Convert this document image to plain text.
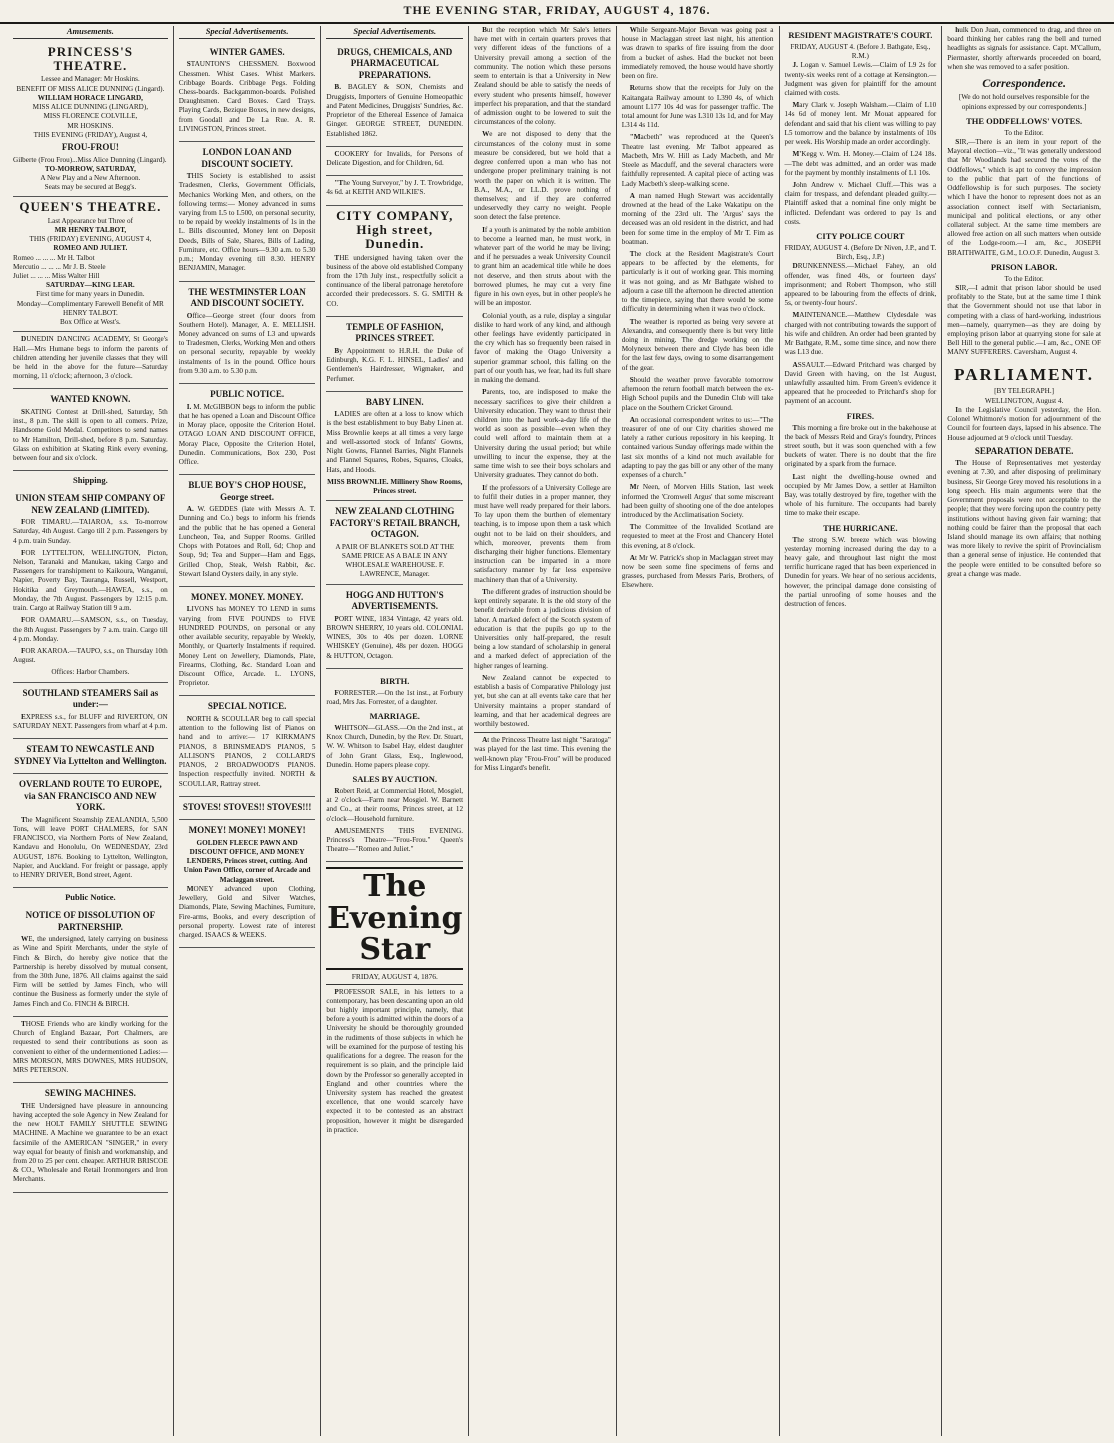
THE EVENING STAR, FRIDAY, AUGUST 4, 1876.
Amusements.
PRINCESS'S THEATRE.
Lessee and Manager: Mr Hoskins.
BENEFIT OF MISS ALICE DUNNING (Lingard).
WILLIAM HORACE LINGARD,
MISS ALICE DUNNING (LINGARD),
MISS FLORENCE COLVILLE,
MR HOSKINS.
THIS EVENING (FRIDAY), August 4,
FROU-FROU!
Gilberte (Frou Frou)...Miss Alice Dunning (Lingard).
TO-MORROW, SATURDAY,
A New Play and a New Afternoon.
Seats may be secured at Begg's.
QUEEN'S THEATRE.
Last Appearance but Three of
MR HENRY TALBOT,
THIS (FRIDAY) EVENING, AUGUST 4,
ROMEO AND JULIET.
Romeo ... ... ... Mr H. Talbot
Mercutio ... ... ... Mr J. B. Steele
Juliet ... ... ... Miss Walter Hill
SATURDAY—KING LEAR.
First time for many years in Dunedin.
Monday—Complimentary Farewell Benefit of MR HENRY TALBOT.
Box Office at West's.

DUNEDIN DANCING ACADEMY, St George's Hall.—Mrs Humane begs to inform the parents of children attending her juvenile classes that they will be held in the above for the future—Saturday morning, 11 o'clock; afternoon, 3 o'clock.

WANTED KNOWN.

SKATING Contest at Drill-shed, Saturday, 5th inst., 8 p.m. The skill is open to all comers. Prize, Handsome Gold Medal. Competitors to send names to Mr Hamilton, Drill-shed, before 8 p.m. Saturday. Glass on exhibition at Skating Rink every evening, between four and six o'clock.

Shipping.
UNION STEAM SHIP COMPANY OF NEW ZEALAND (LIMITED).

FOR TIMARU.—TAIAROA, s.s. To-morrow Saturday, 4th August. Cargo till 2 p.m. Passengers by 4 p.m. train Sunday.

FOR LYTTELTON, WELLINGTON, Picton, Nelson, Taranaki and Manukau, taking Cargo and Passengers for transhipment to Kaikoura, Wanganui, Napier, Poverty Bay, Tauranga, Russell, Westport, Hokitika and Greymouth.—HAWEA, s.s., on Monday, the 7th August. Passengers by 12:15 p.m. train. Cargo at Railway Station till 9 a.m.

FOR OAMARU.—SAMSON, s.s., on Tuesday, the 8th August. Passengers by 7 a.m. train. Cargo till 4 p.m. Monday.

FOR AKAROA.—TAUPO, s.s., on Thursday 10th August.

Offices: Harbor Chambers.
SOUTHLAND STEAMERS Sail as under:—

EXPRESS s.s., for BLUFF and RIVERTON, ON SATURDAY NEXT. Passengers from wharf at 4 p.m.

STEAM TO NEWCASTLE AND SYDNEY Via Lyttelton and Wellington.
OVERLAND ROUTE TO EUROPE, via SAN FRANCISCO AND NEW YORK.

The Magnificent Steamship ZEALANDIA, 5,500 Tons, will leave PORT CHALMERS, for SAN FRANCISCO, via Northern Ports of New Zealand, Kandavu and Honolulu, On WEDNESDAY, 23rd AUGUST, 1876. Booking to Lyttelton, Wellington, Napier, and Auckland. For freight or passage, apply to HENRY DRIVER, Bond street, Agent.

Public Notice.
NOTICE OF DISSOLUTION OF PARTNERSHIP.

WE, the undersigned, lately carrying on business as Wine and Spirit Merchants, under the style of Finch & Birch, do hereby give notice that the Partnership is hereby dissolved by mutual consent, from the 30th June, 1876. All claims against the said Firm will be settled by James Finch, who will continue the Business as formerly under the style of James Finch and Co. FINCH & BIRCH.

THOSE Friends who are kindly working for the Church of England Bazaar, Port Chalmers, are requested to send their contributions as soon as convenient to either of the undermentioned Ladies:— MRS MORSON, MRS DOWNES, MRS HUDSON, MRS PETERSON.

SEWING MACHINES.

THE Undersigned have pleasure in announcing having accepted the sole Agency in New Zealand for the new HOLT FAMILY SHUTTLE SEWING MACHINE. A Machine we guarantee to be an exact facsimile of the AMERICAN "SINGER," in every way equal for beauty of finish and workmanship, and from 20 to 25 per cent. cheaper. ARTHUR BRISCOE & CO., Wholesale and Retail Ironmongers and Iron Merchants.

Special Advertisements.
WINTER GAMES.

STAUNTON'S CHESSMEN. Boxwood Chessmen. Whist Cases. Whist Markers. Cribbage Boards. Cribbage Pegs. Folding Chess-boards. Backgammon-boards. Polished Draughtsmen. Card Boxes. Card Trays. Playing Cards, Bezique Boxes, in new designs, from Goodall and De La Rue. A. R. LIVINGSTON, Princes street.

LONDON LOAN AND DISCOUNT SOCIETY.

THIS Society is established to assist Tradesmen, Clerks, Government Officials, Mechanics Working Men, and others, on the following terms:— Money advanced in sums varying from L5 to L500, on personal security, to be repaid by weekly instalments of 1s in the L. Bills discounted, Money lent on Deposit Deeds, Bills of Sale, Shares, Bills of Lading, Furniture, etc. Office hours—9.30 a.m. to 5.30 p.m.; Monday evening till 8.30. HENRY BENJAMIN, Manager.

THE WESTMINSTER LOAN AND DISCOUNT SOCIETY.

Office—George street (four doors from Southern Hotel). Manager, A. E. MELLISH. Money advanced on sums of L3 and upwards to Tradesmen, Clerks, Working Men and others on personal security, repayable by weekly instalments of 1s in the pound. Office hours from 9.30 a.m. to 5.30 p.m.

PUBLIC NOTICE.

I. M. McGIBBON begs to inform the public that he has opened a Loan and Discount Office in Moray place, opposite the Criterion Hotel. OTAGO LOAN AND DISCOUNT OFFICE, Moray Place, Opposite the Criterion Hotel, Dunedin. Communications, Box 230, Post Office.

BLUE BOY'S CHOP HOUSE, George street.

A. W. GEDDES (late with Messrs A. T. Dunning and Co.) begs to inform his friends and the public that he has opened a General Luncheon, Tea, and Supper Rooms. Grilled Chops with Potatoes and Roll, 6d; Chop and Soup, 9d; Tea and Supper—Ham and Eggs, Grilled Chop, Steak, Welsh Rabbit, &c. Stewart Island Oysters daily, in any style.

MONEY. MONEY. MONEY.

LIVONS has MONEY TO LEND in sums varying from FIVE POUNDS to FIVE HUNDRED POUNDS, on personal or any other available security, repayable by Weekly, Monthly, or Quarterly Instalments if required. Money Lent on Jewellery, Diamonds, Plate, Firearms, Clothing, &c. Standard Loan and Discount Office, Arcade. L. LYONS, Proprietor.

SPECIAL NOTICE.

NORTH & SCOULLAR beg to call special attention to the following list of Pianos on hand and to arrive:— 17 KIRKMAN'S PIANOS, 8 BRINSMEAD'S PIANOS, 5 ALLISON'S PIANOS, 2 COLLARD'S PIANOS, 2 BROADWOOD'S PIANOS. Inspection respectfully invited. NORTH & SCOULLAR, Rattray street.

STOVES! STOVES!! STOVES!!!
MONEY! MONEY! MONEY!
GOLDEN FLEECE PAWN AND DISCOUNT OFFICE, AND MONEY LENDERS, Princes street, cutting. And Union Pawn Office, corner of Arcade and Maclaggan street.

MONEY advanced upon Clothing, Jewellery, Gold and Silver Watches, Diamonds, Plate, Sewing Machines, Furniture, Fire-arms, Books, and every description of personal property. Lowest rate of interest charged. ISAACS & WEEKS.

Special Advertisements.
DRUGS, CHEMICALS, AND PHARMACEUTICAL PREPARATIONS.

B. BAGLEY & SON, Chemists and Druggists, Importers of Genuine Homeopathic and Patent Medicines, Druggists' Sundries, &c. Proprietor of the Ethereal Essence of Jamaica Ginger. GEORGE STREET, DUNEDIN. Established 1862.

COOKERY for Invalids, for Persons of Delicate Digestion, and for Children, 6d.

"The Young Surveyor," by J. T. Trowbridge, 4s 6d. at KEITH AND WILKIE'S.

CITY COMPANY, High street, Dunedin.

THE undersigned having taken over the business of the above old established Company from the 17th July inst., respectfully solicit a continuance of the liberal patronage heretofore accorded their predecessors. S. G. SMITH & CO.

TEMPLE OF FASHION, PRINCES STREET.

By Appointment to H.R.H. the Duke of Edinburgh, K.G. F. L. HINSEL, Ladies' and Gentlemen's Hairdresser, Wigmaker, and Perfumer.

BABY LINEN.

LADIES are often at a loss to know which is the best establishment to buy Baby Linen at. Miss Brownlie keeps at all times a very large and well-assorted stock of Infants' Gowns, Night Gowns, Flannel Barries, Night Flannels and Flannel Squares, Robes, Squares, Cloaks, Hats, and Hoods.

MISS BROWNLIE. Millinery Show Rooms, Princes street.
NEW ZEALAND CLOTHING FACTORY'S RETAIL BRANCH, OCTAGON.
A PAIR OF BLANKETS SOLD AT THE SAME PRICE AS A BALE IN ANY WHOLESALE WAREHOUSE. F. LAWRENCE, Manager.
HOGG AND HUTTON'S ADVERTISEMENTS.

PORT WINE, 1834 Vintage, 42 years old. BROWN SHERRY, 10 years old. COLONIAL WINES, 30s to 40s per dozen. LORNE WHISKEY (Genuine), 48s per dozen. HOGG & HUTTON, Octagon.

BIRTH.

FORRESTER.—On the 1st inst., at Forbury road, Mrs Jas. Forrester, of a daughter.

MARRIAGE.

WHITSON—GLASS.—On the 2nd inst., at Knox Church, Dunedin, by the Rev. Dr. Stuart, W. W. Whitson to Isabel Hay, eldest daughter of John Grant Glass, Esq., Inglewood, Dunedin. Home papers please copy.

SALES BY AUCTION.

Robert Reid, at Commercial Hotel, Mosgiel, at 2 o'clock—Farm near Mosgiel. W. Barnett and Co., at their rooms, Princes street, at 12 o'clock—Household furniture.

AMUSEMENTS THIS EVENING. Princess's Theatre—"Frou-Frou." Queen's Theatre—"Romeo and Juliet."

The Evening Star
FRIDAY, AUGUST 4, 1876.

PROFESSOR SALE, in his letters to a contemporary, has been descanting upon an old but highly important principle, namely, that before a youth is admitted within the doors of a University he should be thoroughly grounded in the rudiments of those subjects in which he will be examined for the purpose of testing his qualifications for a degree. The reason for the requirement is so plain, and the principle laid down by the Professor so generally accepted in England and other countries where the University system has reached the greatest excellence, that one would scarcely have expected it to be contested as an abstract proposition, however it might be disregarded in practice.

But the reception which Mr Sale's letters have met with in certain quarters proves that very different ideas of the functions of a University prevail among a section of the community. The notion which these persons seem to entertain is that a University in New Zealand should be able to satisfy the needs of every student who presents himself, however imperfect his preparation, and that the standard of admission ought to be lowered to suit the circumstances of the colony.

We are not disposed to deny that the circumstances of the colony must in some measure be considered, but we hold that a degree conferred upon a man who has not undergone proper preliminary training is not worth the paper on which it is written. The B.A., M.A., or LL.D. prove nothing of themselves; and if they are conferred undeservedly they carry no weight. People soon detect the false pretence.

If a youth is animated by the noble ambition to become a learned man, he must work, in whatever part of the world he may be living; and if he persuades a weak University Council to grant him an academical title while he does not deserve, and then struts about with the borrowed plumes, he may cut a very fine figure in his own eyes, but in other people's he will be an impostor.

Colonial youth, as a rule, display a singular dislike to hard work of any kind, and although other feelings have evidently participated in the cry which has so frequently been raised in favor of making the Otago University a superior grammar school, this falling on the part of our youth has, we fear, had its full share in making the demand.

Parents, too, are indisposed to make the necessary sacrifices to give their children a University education. They want to thrust their children into the hard work-a-day life of the world as soon as possible—even when they could well afford to maintain them at a University during the usual period; but while unwilling to incur the expense, they at the same time wish to see their boys scholars and University graduates. They cannot do both.

If the professors of a University College are to fulfil their duties in a proper manner, they must have well ready prepared for their labors. To lay upon them the burthen of elementary teaching, is to impose upon them a task which ought not to be laid on their shoulders, and which, moreover, prevents them from discharging their higher functions. Elementary instruction can be imparted in a more satisfactory manner by far less expensive machinery than that of a University.

The different grades of instruction should be kept entirely separate. It is the old story of the benefit derivable from a judicious division of labor. A marked defect of the Scotch system of education is that the pupils go up to the Universities only half-prepared, the result being a low standard of scholarship in general and a marked defect of appreciation of the higher ranges of learning.

New Zealand cannot be expected to establish a basis of Comparative Philology just yet, but she can at all events take care that her University maintains a proper standard of learning, and that her academical degrees are worthily bestowed.

At the Princess Theatre last night "Saratoga" was played for the last time. This evening the well-known play "Frou-Frou" will be produced for Miss Lingard's benefit.

While Sergeant-Major Bevan was going past a house in Maclaggan street last night, his attention was drawn to sparks of fire issuing from the door from a bucket of ashes. Had the bucket not been immediately removed, the house would have shortly been on fire.

Returns show that the receipts for July on the Kaitangata Railway amount to L390 4s, of which amount L177 10s 4d was for passenger traffic. The total amount for June was L310 13s 1d, and for May L314 4s 11d.

"Macbeth" was reproduced at the Queen's Theatre last evening. Mr Talbot appeared as Macbeth, Mrs W. Hill as Lady Macbeth, and Mr Steele as Macduff, and the several characters were faithfully represented. A capital piece of acting was Lady Macbeth's sleep-walking scene.

A man named Hugh Stewart was accidentally drowned at the head of the Lake Wakatipu on the morning of the 23rd ult. The 'Argus' says the deceased was an old resident in the district, and had been for some time in the employ of Mr T. Fim as boatman.

The clock at the Resident Magistrate's Court appears to be affected by the elements, for particularly is it out of working gear. This morning it was not going, and as Mr Bathgate wished to adjourn a case till the afternoon he directed attention to the timepiece, saying that there would be some difficulty in determining when it was two o'clock.

The weather is reported as being very severe at Alexandra, and consequently there is but very little doing in mining. The dredge working on the Molyneux between there and Clyde has been idle for the last few days, owing to some disarrangement of the gear.

Should the weather prove favorable tomorrow afternoon the return football match between the ex-High School pupils and the Dunedin Club will take place on the Southern Cricket Ground.

An occasional correspondent writes to us:—"The treasurer of one of our City charities showed me lately a rather curious repository in his keeping. It contained various Sunday offerings made within the last six months of a kind not much available for adapting to pay the gas bill or any other of the many expenses of a church."

Mr Neen, of Morven Hills Station, last week informed the 'Cromwell Argus' that some miscreant had been guilty of shooting one of the doe antelopes introduced by the Acclimatisation Society.

The Committee of the Invalided Scotland are requested to meet at the Frost and Chancery Hotel this evening, at 8 o'clock.

At Mr W. Patrick's shop in Maclaggan street may now be seen some fine specimens of ferns and grasses, purchased from Messrs Paris, Brothers, of Elsewhere.

RESIDENT MAGISTRATE'S COURT.
FRIDAY, AUGUST 4. (Before J. Bathgate, Esq., R.M.)

J. Logan v. Samuel Lewis.—Claim of L9 2s for twenty-six weeks rent of a cottage at Kensington.—Judgment was given for plaintiff for the amount claimed with costs.

Mary Clark v. Joseph Walsham.—Claim of L10 14s 6d of money lent. Mr Mouat appeared for defendant and said that his client was willing to pay L5 tomorrow and the balance by instalments of 10s per week. His Worship made an order accordingly.

M'Kegg v. Wm. H. Money.—Claim of L24 18s.—The debt was admitted, and an order was made for the payment by monthly instalments of L1 10s.

John Andrew v. Michael Cluff.—This was a claim for trespass, and defendant pleaded guilty.—Plaintiff asked that a nominal fine only might be inflicted. Defendant was ordered to pay 1s and costs.

CITY POLICE COURT
FRIDAY, AUGUST 4. (Before Dr Niven, J.P., and T. Birch, Esq., J.P.)

DRUNKENNESS.—Michael Fahey, an old offender, was fined 40s, or fourteen days' imprisonment; and Robert Thompson, who still appeared to be labouring from the effects of drink, 5s, or twenty-four hours'.

MAINTENANCE.—Matthew Clydesdale was charged with not contributing towards the support of his wife and children. An order had been granted by Mr Bathgate, R.M., some time since, and now there was L13 due.

ASSAULT.—Edward Pritchard was charged by David Green with having, on the 1st August, unlawfully assaulted him. From Green's evidence it appeared that he proceeded to Pritchard's shop for payment of an account.

FIRES.

This morning a fire broke out in the bakehouse at the back of Messrs Reid and Gray's foundry, Princes street south, but it was soon quenched with a few buckets of water. There is no doubt that the fire originated by a spark from the furnace.

Last night the dwelling-house owned and occupied by Mr James Dow, a settler at Hamilton Bay, was totally destroyed by fire, together with the whole of his furniture. The occupants had barely time to make their escape.

THE HURRICANE.

The strong S.W. breeze which was blowing yesterday morning increased during the day to a heavy gale, and throughout last night the most terrific hurricane raged that has been experienced in Dunedin for years. We hear of no serious accidents, however, the principal damage done consisting of the partial unroofing of some houses and the destruction of fences.

hulk Don Juan, commenced to drag, and three on board thinking her cables rang the bell and turned headlights as signals for assistance. Capt. M'Callum, Piermaster, shortly afterwards proceeded on board, when she was removed to a safer position.

Correspondence.
[We do not hold ourselves responsible for the opinions expressed by our correspondents.]
THE ODDFELLOWS' VOTES.
To the Editor.

SIR,—There is an item in your report of the Mayoral election—viz., "It was generally understood that Mr Woodlands had secured the votes of the Oddfellows," which is apt to convey the impression to the public that part of the functions of Oddfellowship is for such purposes. The society which I have the honor to represent does not as an association connect itself with Sectarianism, municipal and political elections, or any other collateral subject. At the same time members are allowed free action on all such matters when outside of the Lodge-room.—I am, &c., JOSEPH BRAITHWAITE, G.M., I.O.O.F. Dunedin, August 3.

PRISON LABOR.
To the Editor.

SIR,—I admit that prison labor should be used profitably to the State, but at the same time I think that the Government should not use that labor in competing with a class of hard-working, industrious men—namely, quarrymen—as they are doing by employing prison labor at quarrying stone for sale at Bell Hill to the general public.—I am, &c., ONE OF MANY SUFFERERS. Caversham, August 4.

PARLIAMENT.
[BY TELEGRAPH.]
WELLINGTON, August 4.

In the Legislative Council yesterday, the Hon. Colonel Whitmore's motion for adjournment of the Council for fourteen days, lapsed in his absence. The House adjourned at 9 o'clock until Tuesday.

SEPARATION DEBATE.

The House of Representatives met yesterday evening at 7.30, and after disposing of preliminary business, Sir George Grey moved his resolutions in a long speech. His main arguments were that the Government proposals were not acceptable to the people; that they were forcing upon the country petty institutions without having given fair warning; that nothing could be fairer than the proposal that each Island should manage its own affairs; that nothing was more likely to revive the spirit of Provincialism than a general sense of injustice. He contended that the people were entitled to be consulted before so great a change was made.
